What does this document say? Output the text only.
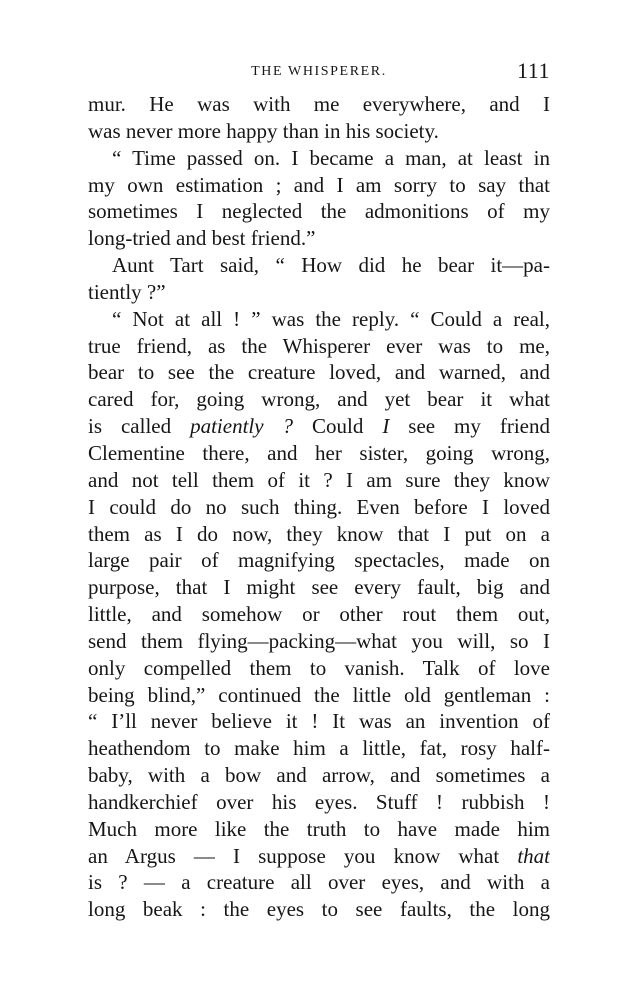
THE WHISPERER.	111
mur. He was with me everywhere, and I
was never more happy than in his society.
“ Time passed on. I became a man, at least in
my own estimation ; and I am sorry to say that
sometimes I neglected the admonitions of my
long-tried and best friend.”
Aunt Tart said, “ How did he bear it—pa-
tiently ?”
“ Not at all ! ” was the reply. “ Could a real,
true friend, as the Whisperer ever was to me,
bear to see the creature loved, and warned, and
cared for, going wrong, and yet bear it what
is called patiently ? Could I see my friend
Clementine there, and her sister, going wrong,
and not tell them of it ? I am sure they know
I could do no such thing. Even before I loved
them as I do now, they know that I put on a
large pair of magnifying spectacles, made on
purpose, that I might see every fault, big and
little, and somehow or other rout them out,
send them flying—packing—what you will, so I
only compelled them to vanish. Talk of love
being blind,” continued the little old gentleman :
“ I’ll never believe it ! It was an invention of
heathendom to make him a little, fat, rosy half-
baby, with a bow and arrow, and sometimes a
handkerchief over his eyes. Stuff ! rubbish !
Much more like the truth to have made him
an Argus — I suppose you know what that
is ? — a creature all over eyes, and with a
long beak : the eyes to see faults, the long
